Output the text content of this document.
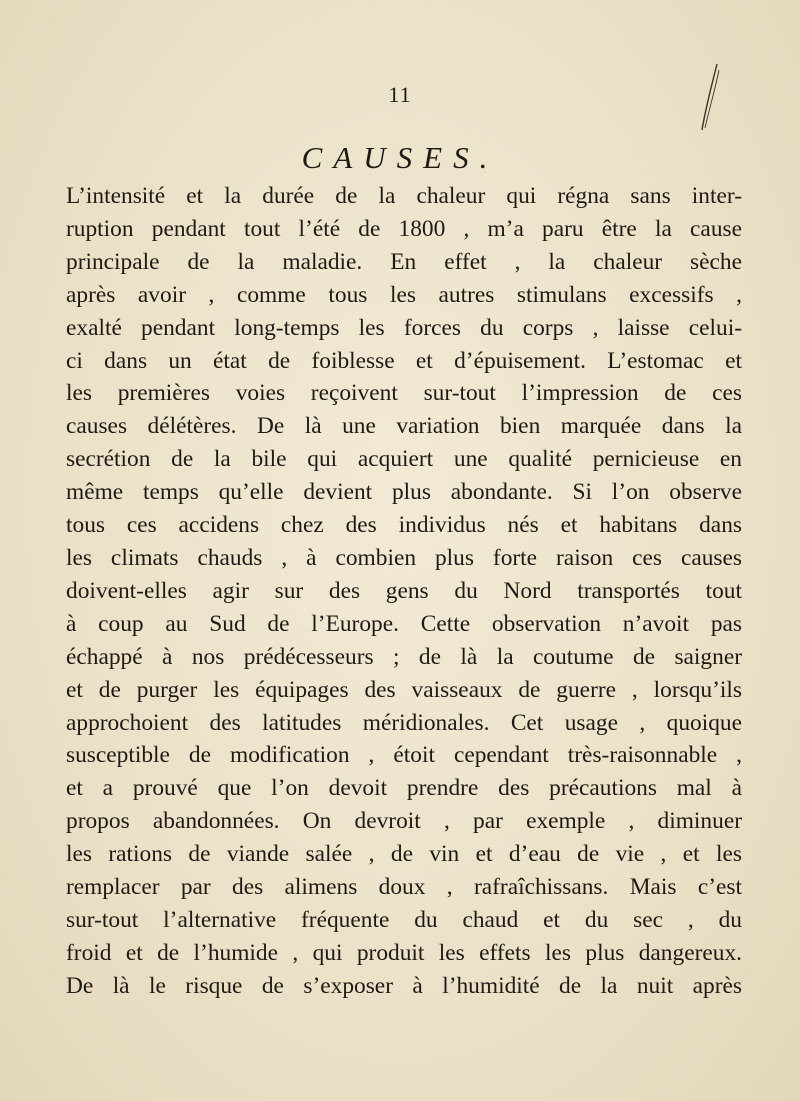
11
CAUSES.
L’intensité et la durée de la chaleur qui régna sans inter-
ruption pendant tout l’été de 1800 , m’a paru être la cause
principale de la maladie. En effet , la chaleur sèche
après avoir , comme tous les autres stimulans excessifs ,
exalté pendant long-temps les forces du corps , laisse celui-
ci dans un état de foiblesse et d’épuisement. L’estomac et
les premières voies reçoivent sur-tout l’impression de ces
causes délétères. De là une variation bien marquée dans la
secrétion de la bile qui acquiert une qualité pernicieuse en
même temps qu’elle devient plus abondante. Si l’on observe
tous ces accidens chez des individus nés et habitans dans
les climats chauds , à combien plus forte raison ces causes
doivent-elles agir sur des gens du Nord transportés tout
à coup au Sud de l’Europe. Cette observation n’avoit pas
échappé à nos prédécesseurs ; de là la coutume de saigner
et de purger les équipages des vaisseaux de guerre , lorsqu’ils
approchoient des latitudes méridionales. Cet usage , quoique
susceptible de modification , étoit cependant très-raisonnable ,
et a prouvé que l’on devoit prendre des précautions mal à
propos abandonnées. On devroit , par exemple , diminuer
les rations de viande salée , de vin et d’eau de vie , et les
remplacer par des alimens doux , rafraîchissans. Mais c’est
sur-tout l’alternative fréquente du chaud et du sec , du
froid et de l’humide , qui produit les effets les plus dangereux.
De là le risque de s’exposer à l’humidité de la nuit après
